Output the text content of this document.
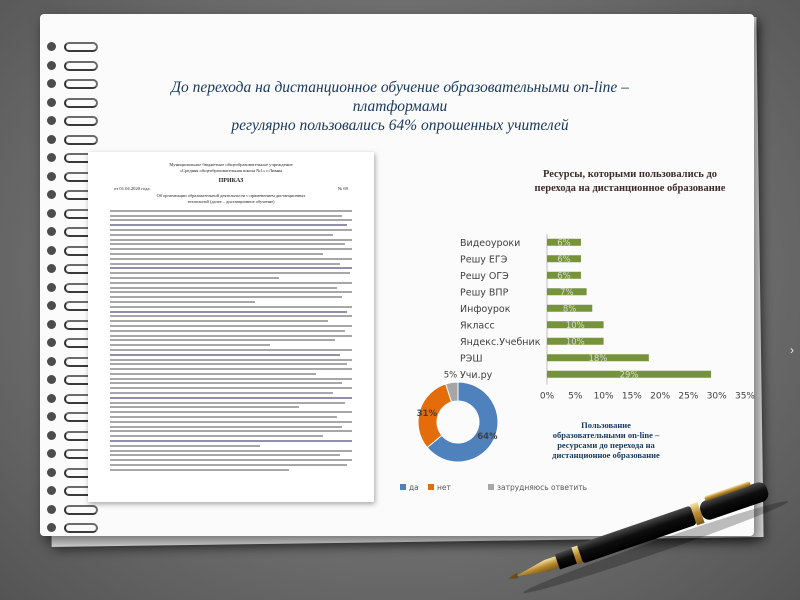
До перехода на дистанционное обучение образовательными on-line – платформами
регулярно пользовались 64% опрошенных учителей
Муниципальное бюджетное общеобразовательное учреждение
«Средняя общеобразовательная школа №1» г.Ливны
ПРИКАЗ
от 01.04.2020 года	№ 69
Об организации образовательной деятельности с применением дистанционных
технологий (далее – дистанционное обучение)
Ресурсы, которыми пользовались до
перехода на дистанционное образование
Видеоуроки	6%
Решу ЕГЭ	6%
Решу ОГЭ	6%
Решу ВПР	7%
Инфоурок	8%
Якласс	10%
Яндекс.Учебник	10%
РЭШ	18%
Учи.ру	29%
0% 5% 10% 15% 20% 25% 30% 35%
64%
31%
5%
да нет	затрудняюсь ответить
Пользование
образовательными on-line –
ресурсами до перехода на
дистанционное образование
›
